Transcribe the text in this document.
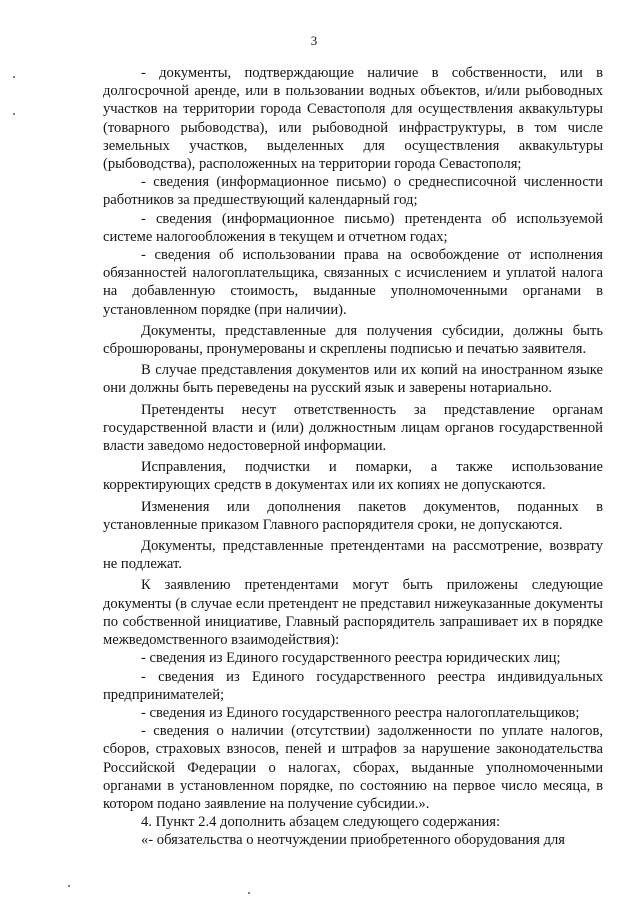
3

- документы, подтверждающие наличие в собственности, или в долгосрочной аренде, или в пользовании водных объектов, и/или рыбоводных участков на территории города Севастополя для осуществления аквакультуры (товарного рыбоводства), или рыбоводной инфраструктуры, в том числе земельных участков, выделенных для осуществления аквакультуры (рыбоводства), расположенных на территории города Севастополя;

- сведения (информационное письмо) о среднесписочной численности работников за предшествующий календарный год;

- сведения (информационное письмо) претендента об используемой системе налогообложения в текущем и отчетном годах;

- сведения об использовании права на освобождение от исполнения обязанностей налогоплательщика, связанных с исчислением и уплатой налога на добавленную стоимость, выданные уполномоченными органами в установленном порядке (при наличии).

Документы, представленные для получения субсидии, должны быть сброшюрованы, пронумерованы и скреплены подписью и печатью заявителя.

В случае представления документов или их копий на иностранном языке они должны быть переведены на русский язык и заверены нотариально.

Претенденты несут ответственность за представление органам государственной власти и (или) должностным лицам органов государственной власти заведомо недостоверной информации.

Исправления, подчистки и помарки, а также использование корректирующих средств в документах или их копиях не допускаются.

Изменения или дополнения пакетов документов, поданных в установленные приказом Главного распорядителя сроки, не допускаются.

Документы, представленные претендентами на рассмотрение, возврату не подлежат.

К заявлению претендентами могут быть приложены следующие документы (в случае если претендент не представил нижеуказанные документы по собственной инициативе, Главный распорядитель запрашивает их в порядке межведомственного взаимодействия):

- сведения из Единого государственного реестра юридических лиц;

- сведения из Единого государственного реестра индивидуальных предпринимателей;

- сведения из Единого государственного реестра налогоплательщиков;

- сведения о наличии (отсутствии) задолженности по уплате налогов, сборов, страховых взносов, пеней и штрафов за нарушение законодательства Российской Федерации о налогах, сборах, выданные уполномоченными органами в установленном порядке, по состоянию на первое число месяца, в котором подано заявление на получение субсидии.».

4. Пункт 2.4 дополнить абзацем следующего содержания:

«- обязательства о неотчуждении приобретенного оборудования для
